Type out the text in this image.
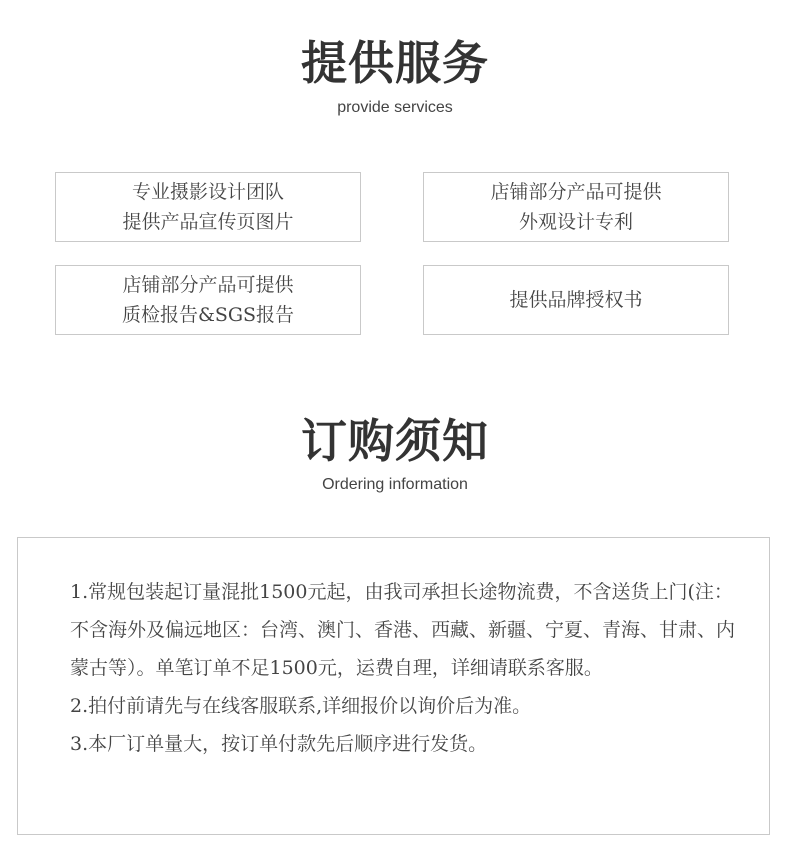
提供服务
provide services
专业摄影设计团队
提供产品宣传页图片
店铺部分产品可提供
外观设计专利
店铺部分产品可提供
质检报告&SGS报告
提供品牌授权书
订购须知
Ordering information

1.常规包装起订量混批1500元起，由我司承担长途物流费，不含送货上门(注：不含海外及偏远地区：台湾、澳门、香港、西藏、新疆、宁夏、青海、甘肃、内蒙古等）。单笔订单不足1500元，运费自理，详细请联系客服。

2.拍付前请先与在线客服联系,详细报价以询价后为准。

3.本厂订单量大，按订单付款先后顺序进行发货。
